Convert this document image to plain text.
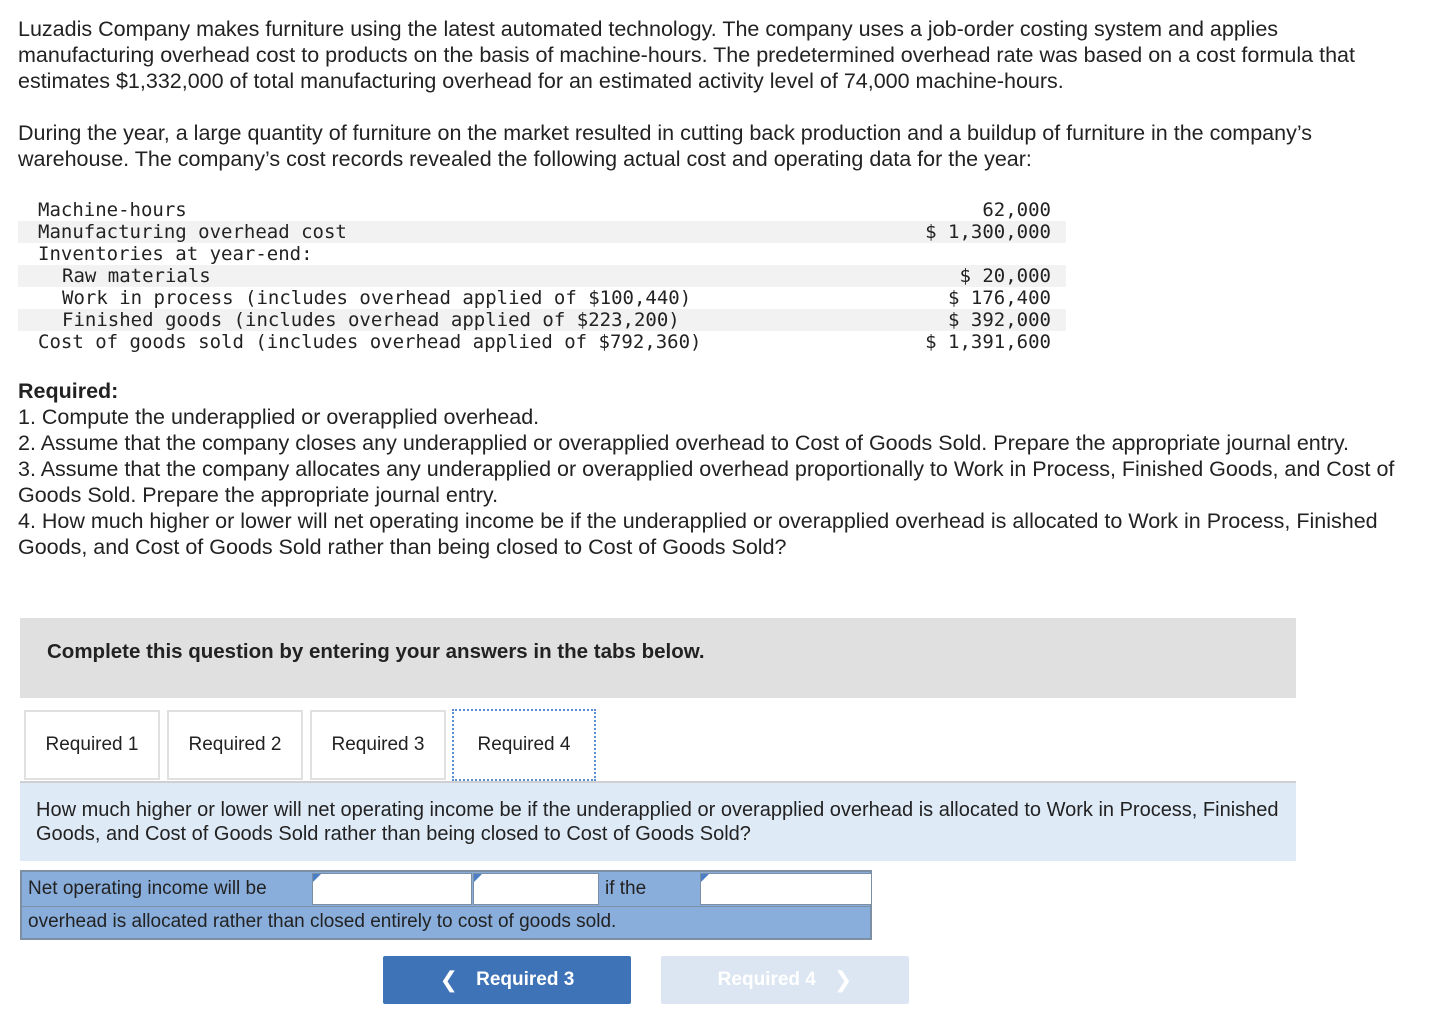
Luzadis Company makes furniture using the latest automated technology. The company uses a job-order costing system and applies manufacturing overhead cost to products on the basis of machine-hours. The predetermined overhead rate was based on a cost formula that estimates $1,332,000 of total manufacturing overhead for an estimated activity level of 74,000 machine-hours.

During the year, a large quantity of furniture on the market resulted in cutting back production and a buildup of furniture in the company’s warehouse. The company’s cost records revealed the following actual cost and operating data for the year:

Machine-hours	62,000
Manufacturing overhead cost	$ 1,300,000
Inventories at year-end:	
Raw materials	$ 20,000
Work in process (includes overhead applied of $100,440)	$ 176,400
Finished goods (includes overhead applied of $223,200)	$ 392,000
Cost of goods sold (includes overhead applied of $792,360)	$ 1,391,600

Required:

1. Compute the underapplied or overapplied overhead.

2. Assume that the company closes any underapplied or overapplied overhead to Cost of Goods Sold. Prepare the appropriate journal entry.

3. Assume that the company allocates any underapplied or overapplied overhead proportionally to Work in Process, Finished Goods, and Cost of Goods Sold. Prepare the appropriate journal entry.

4. How much higher or lower will net operating income be if the underapplied or overapplied overhead is allocated to Work in Process, Finished Goods, and Cost of Goods Sold rather than being closed to Cost of Goods Sold?

Complete this question by entering your answers in the tabs below.
Required 1	Required 2	Required 3	Required 4

How much higher or lower will net operating income be if the underapplied or overapplied overhead is allocated to Work in Process, Finished Goods, and Cost of Goods Sold rather than being closed to Cost of Goods Sold?

Net operating income will be	if the
overhead is allocated rather than closed entirely to cost of goods sold.
❮ Required 3	Required 4 ❯
